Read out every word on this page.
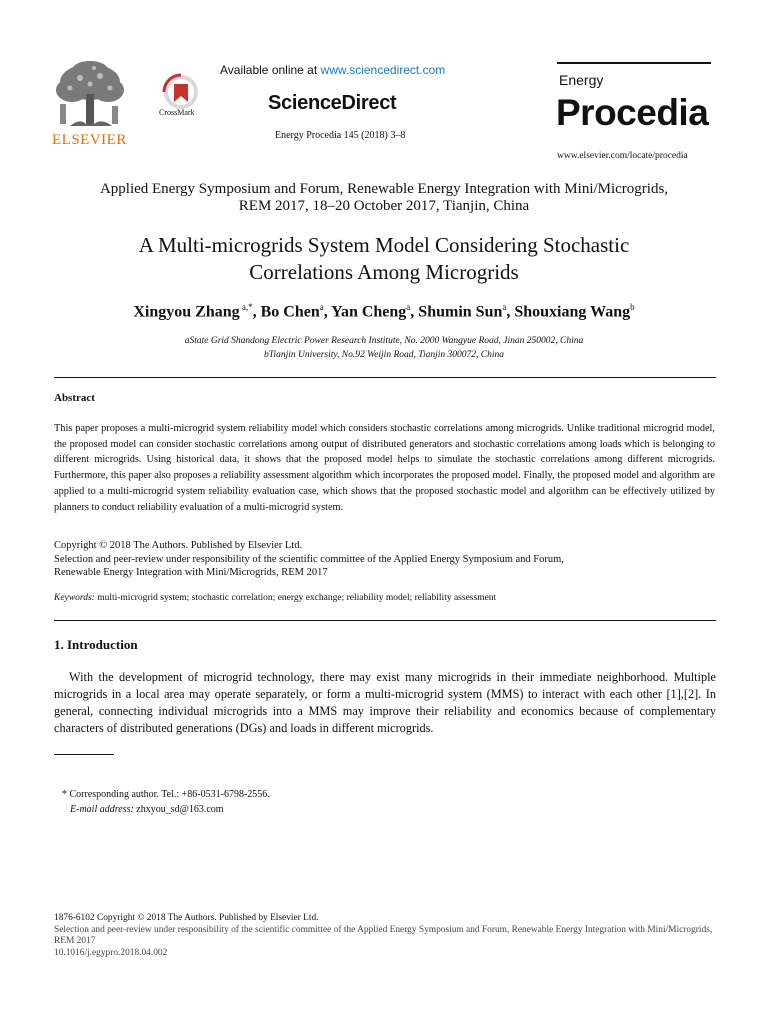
ELSEVIER
CrossMark
Available online at www.sciencedirect.com
ScienceDirect
Energy Procedia 145 (2018) 3–8
Energy
Procedia
www.elsevier.com/locate/procedia
Applied Energy Symposium and Forum, Renewable Energy Integration with Mini/Microgrids,
REM 2017, 18–20 October 2017, Tianjin, China
A Multi-microgrids System Model Considering Stochastic
Correlations Among Microgrids
Xingyou Zhang $^{a,*}$, Bo Chen$^a$, Yan Cheng$^a$, Shumin Sun$^a$, Shouxiang Wang$^b$
aState Grid Shandong Electric Power Research Institute, No. 2000 Wangyue Road, Jinan 250002, China
bTianjin University, No.92 Weijin Road, Tianjin 300072, China
Abstract
This paper proposes a multi-microgrid system reliability model which considers stochastic correlations among microgrids. Unlike traditional microgrid model, the proposed model can consider stochastic correlations among output of distributed generators and stochastic correlations among loads which is belonging to different microgrids. Using historical data, it shows that the proposed model helps to simulate the stochastic correlations among different microgrids. Furthermore, this paper also proposes a reliability assessment algorithm which incorporates the proposed model. Finally, the proposed model and algorithm are applied to a multi-microgrid system reliability evaluation case, which shows that the proposed stochastic model and algorithm can be effectively utilized by planners to conduct reliability evaluation of a multi-microgrid system.
Copyright © 2018 The Authors. Published by Elsevier Ltd.
Selection and peer-review under responsibility of the scientific committee of the Applied Energy Symposium and Forum,
Renewable Energy Integration with Mini/Microgrids, REM 2017
Keywords: multi-microgrid system; stochastic correlation; energy exchange; reliability model; reliability assessment
1. Introduction
With the development of microgrid technology, there may exist many microgrids in their immediate neighborhood. Multiple microgrids in a local area may operate separately, or form a multi-microgrid system (MMS) to interact with each other [1],[2]. In general, connecting individual microgrids into a MMS may improve their reliability and economics because of complementary characters of distributed generations (DGs) and loads in different microgrids.
* Corresponding author. Tel.: +86-0531-6798-2556.
E-mail address: zhxyou_sd@163.com
1876-6102 Copyright © 2018 The Authors. Published by Elsevier Ltd.
Selection and peer-review under responsibility of the scientific committee of the Applied Energy Symposium and Forum, Renewable Energy Integration with Mini/Microgrids, REM 2017
10.1016/j.egypro.2018.04.002
